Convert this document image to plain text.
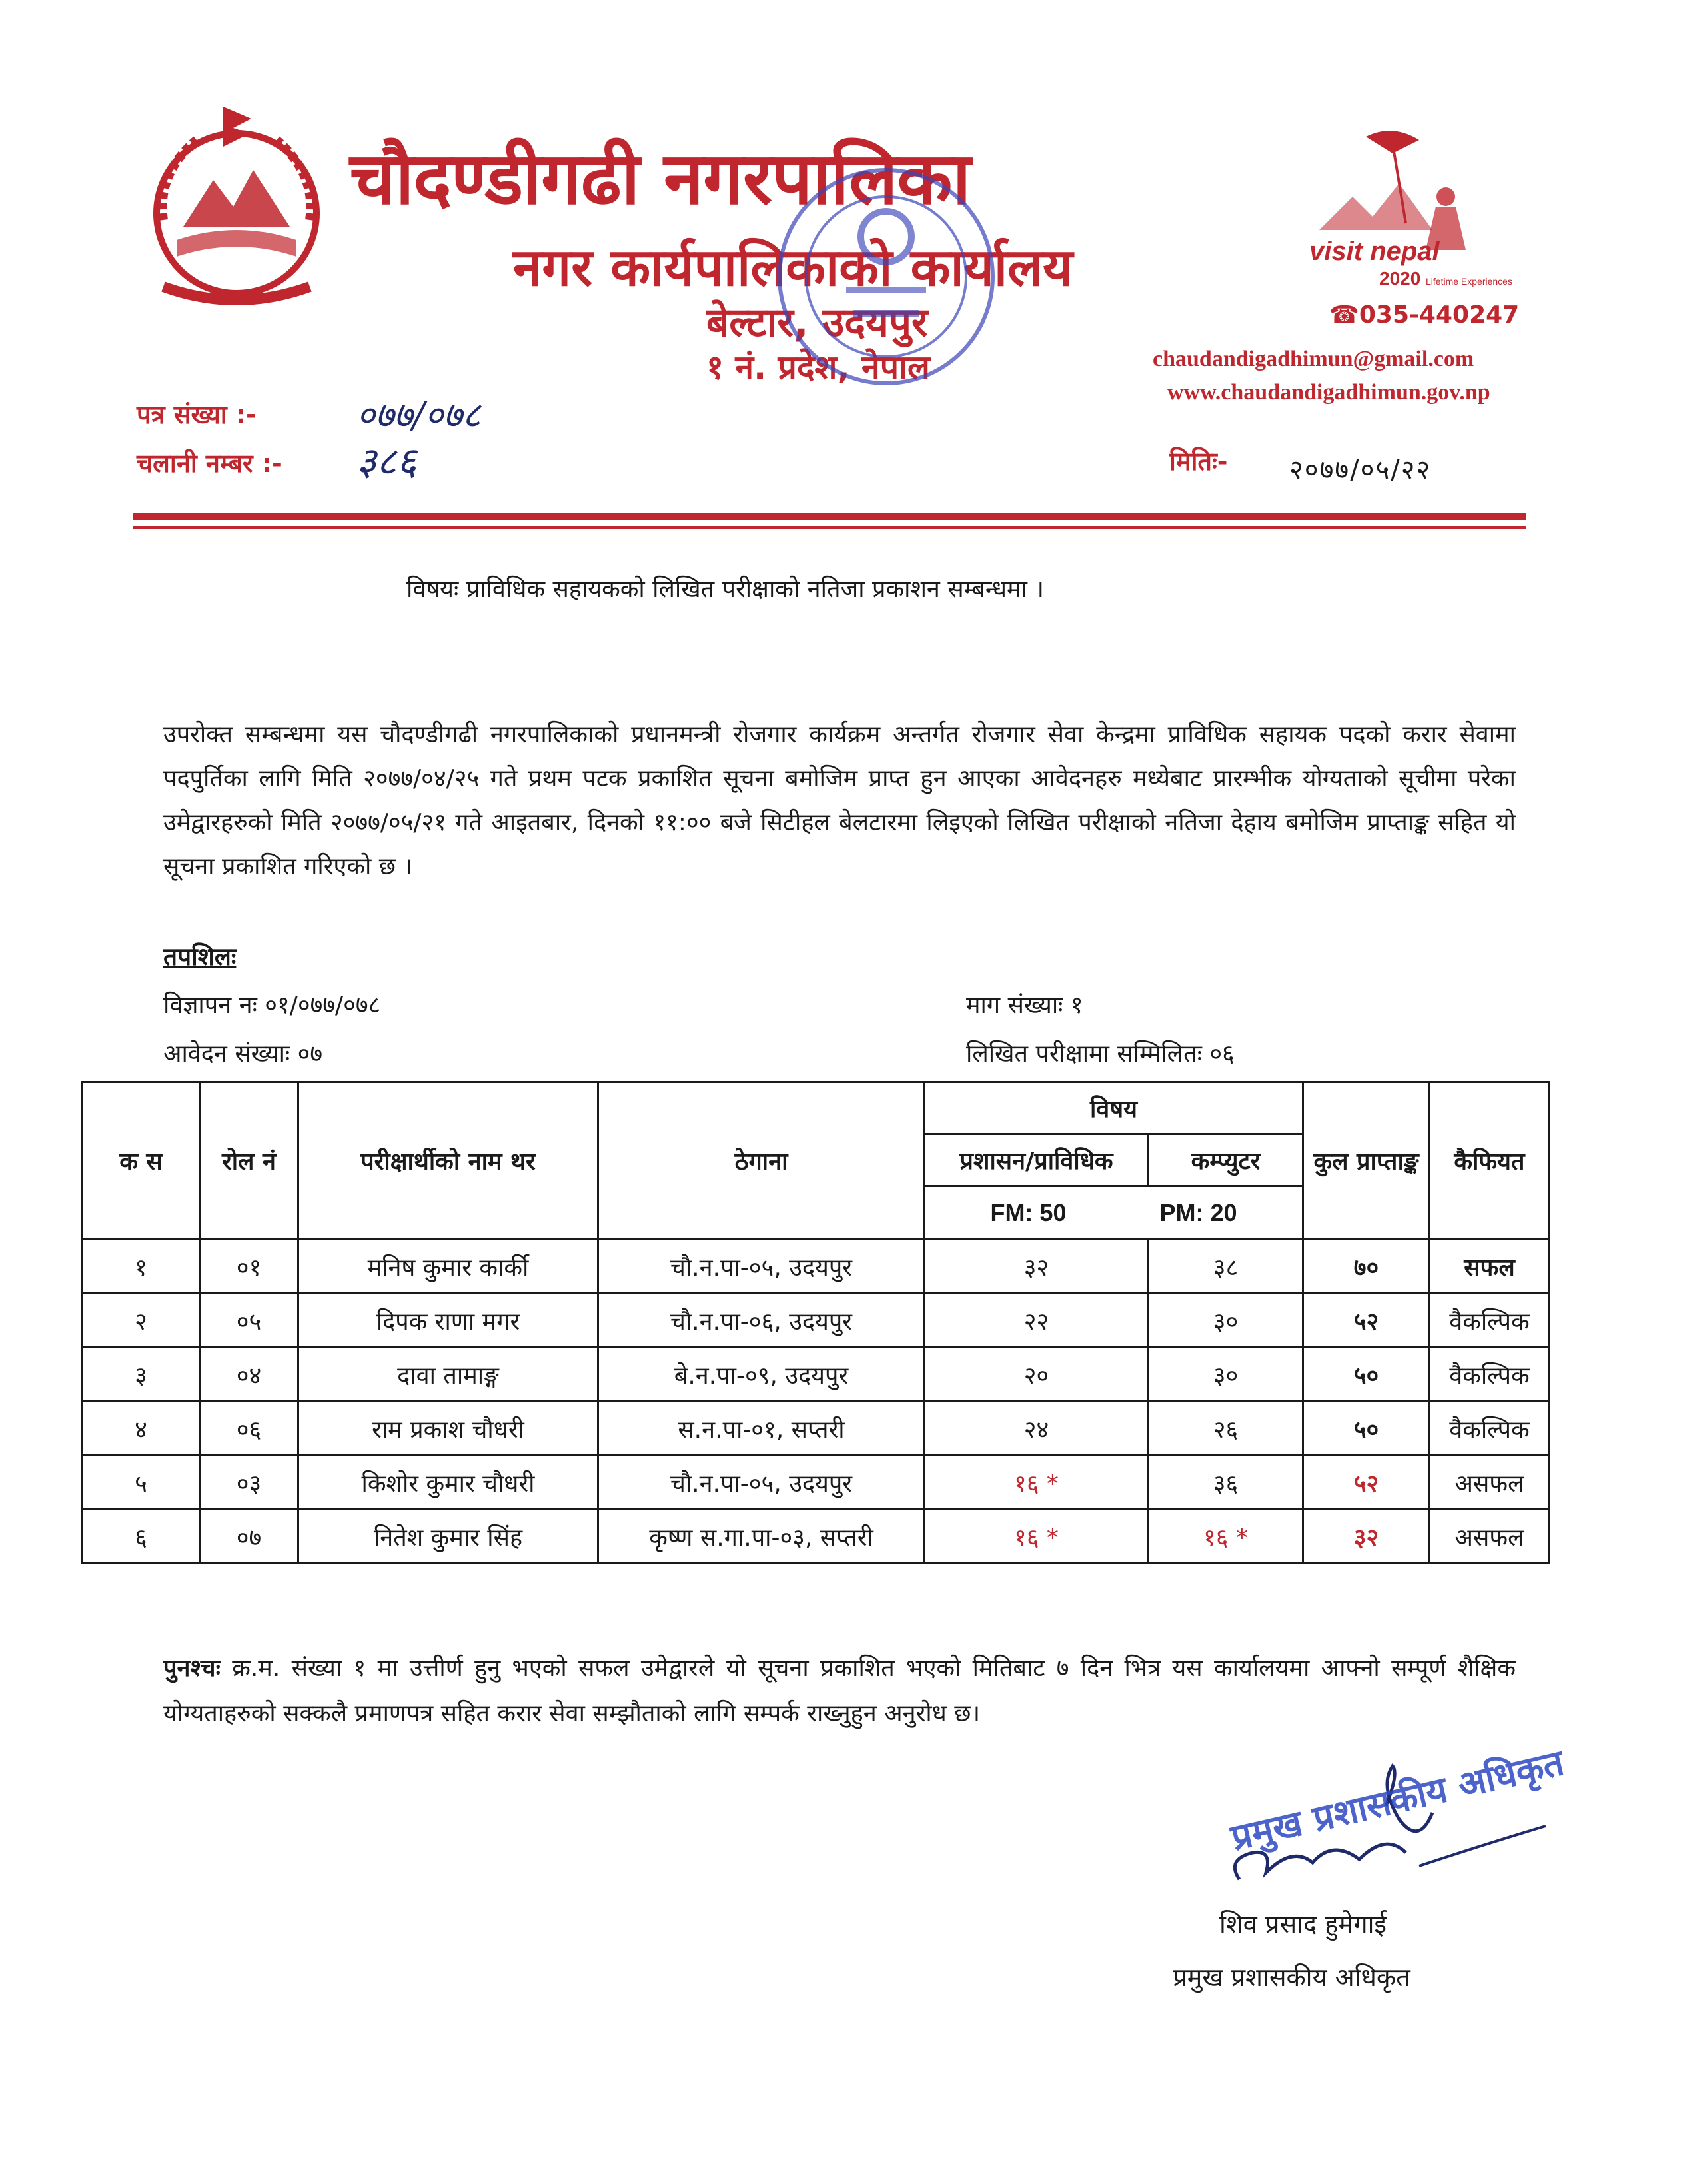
चौदण्डीगढी नगरपालिका
नगर कार्यपालिकाको कार्यालय
बेल्टार, उदयपुर
१ नं. प्रदेश, नेपाल
visit nepal
2020 Lifetime Experiences
☎035-440247
chaudandigadhimun@gmail.com
www.chaudandigadhimun.gov.np
पत्र संख्या :-	०७७/०७८
चलानी नम्बर :- ३८६	मितिः- २०७७/०५/२२
विषयः प्राविधिक सहायकको लिखित परीक्षाको नतिजा प्रकाशन सम्बन्धमा ।
उपरोक्त सम्बन्धमा यस चौदण्डीगढी नगरपालिकाको प्रधानमन्त्री रोजगार कार्यक्रम अन्तर्गत रोजगार सेवा केन्द्रमा प्राविधिक सहायक पदको करार सेवामा पदपुर्तिका लागि मिति २०७७/०४/२५ गते प्रथम पटक प्रकाशित सूचना बमोजिम प्राप्त हुन आएका आवेदनहरु मध्येबाट प्रारम्भीक योग्यताको सूचीमा परेका उमेद्वारहरुको मिति २०७७/०५/२१ गते आइतबार, दिनको ११:०० बजे सिटीहल बेलटारमा लिइएको लिखित परीक्षाको नतिजा देहाय बमोजिम प्राप्ताङ्क सहित यो सूचना प्रकाशित गरिएको छ ।
तपशिलः
विज्ञापन नः ०१/०७७/०७८
आवेदन संख्याः ०७
माग संख्याः १
लिखित परीक्षामा सम्मिलितः ०६
क स	रोल नं	परीक्षार्थीको नाम थर	ठेगाना	विषय		कुल प्राप्ताङ्क	कैफियत
				प्रशासन/प्राविधिक	कम्प्युटर		
				FM: 50 PM: 20			
१	०१	मनिष कुमार कार्की	चौ.न.पा-०५, उदयपुर	३२	३८	७०	सफल
२	०५	दिपक राणा मगर	चौ.न.पा-०६, उदयपुर	२२	३०	५२	वैकल्पिक
३	०४	दावा तामाङ्ग	बे.न.पा-०९, उदयपुर	२०	३०	५०	वैकल्पिक
४	०६	राम प्रकाश चौधरी	स.न.पा-०१, सप्तरी	२४	२६	५०	वैकल्पिक
५	०३	किशोर कुमार चौधरी	चौ.न.पा-०५, उदयपुर	१६ *	३६	५२	असफल
६	०७	नितेश कुमार सिंह	कृष्ण स.गा.पा-०३, सप्तरी	१६ *	१६ *	३२	असफल
पुनश्चः क्र.म. संख्या १ मा उत्तीर्ण हुनु भएको सफल उमेद्वारले यो सूचना प्रकाशित भएको मितिबाट ७ दिन भित्र यस कार्यालयमा आफ्नो सम्पूर्ण शैक्षिक योग्यताहरुको सक्कलै प्रमाणपत्र सहित करार सेवा सम्झौताको लागि सम्पर्क राख्नुहुन अनुरोध छ।
प्रमुख प्रशासकीय अधिकृत
शिव प्रसाद हुमेगाई
प्रमुख प्रशासकीय अधिकृत
